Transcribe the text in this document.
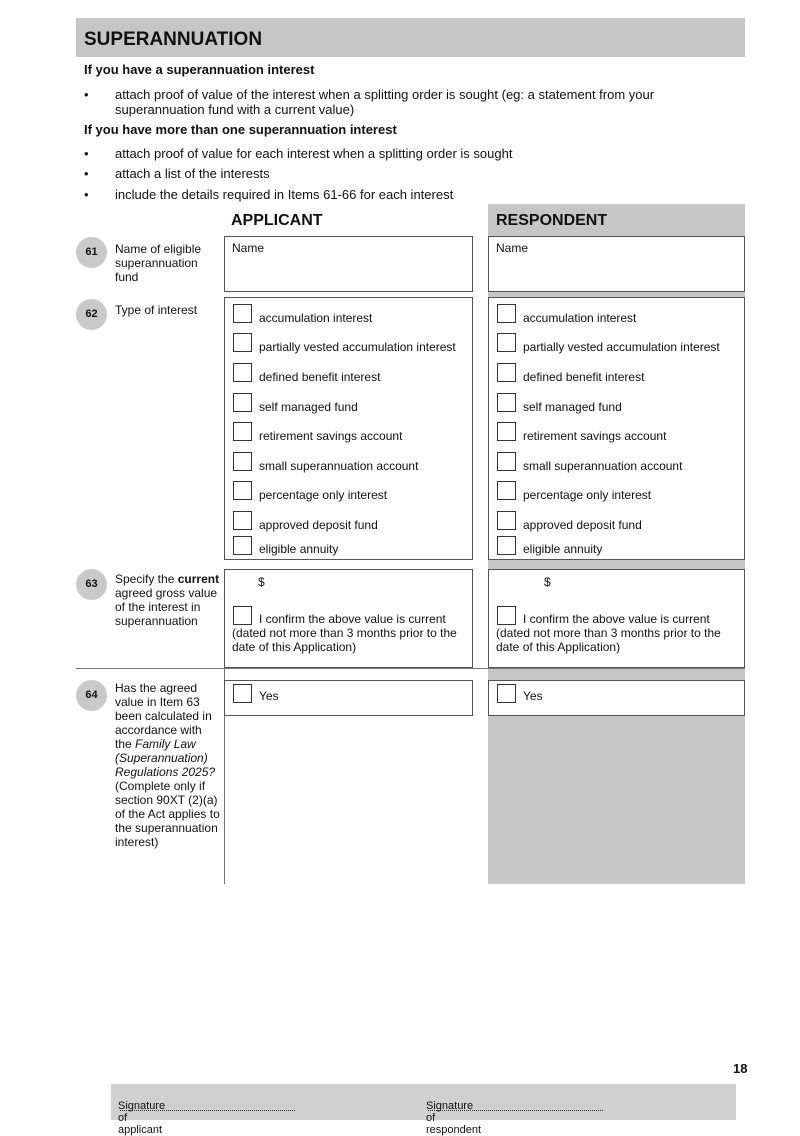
SUPERANNUATION
If you have a superannuation interest
• attach proof of value of the interest when a splitting order is sought (eg: a statement from your superannuation fund with a current value)
If you have more than one superannuation interest
• attach proof of value for each interest when a splitting order is sought
• attach a list of the interests
• include the details required in Items 61-66 for each interest
APPLICANT	RESPONDENT
61	Name of eligible superannuation fund
Name	Name
62	Type of interest
accumulation interest
partially vested accumulation interest
defined benefit interest
self managed fund
retirement savings account
small superannuation account
percentage only interest
approved deposit fund
eligible annuity
accumulation interest
partially vested accumulation interest
defined benefit interest
self managed fund
retirement savings account
small superannuation account
percentage only interest
approved deposit fund
eligible annuity
63	Specify the current agreed gross value of the interest in superannuation
$
I confirm the above value is current
(dated not more than 3 months prior to the date of this Application)
$
I confirm the above value is current
(dated not more than 3 months prior to the date of this Application)
64	Has the agreed value in Item 63 been calculated in accordance with the Family Law (Superannuation) Regulations 2025? (Complete only if section 90XT (2)(a) of the Act applies to the superannuation interest)
Yes	Yes
18
Signature of applicant
Signature of respondent
